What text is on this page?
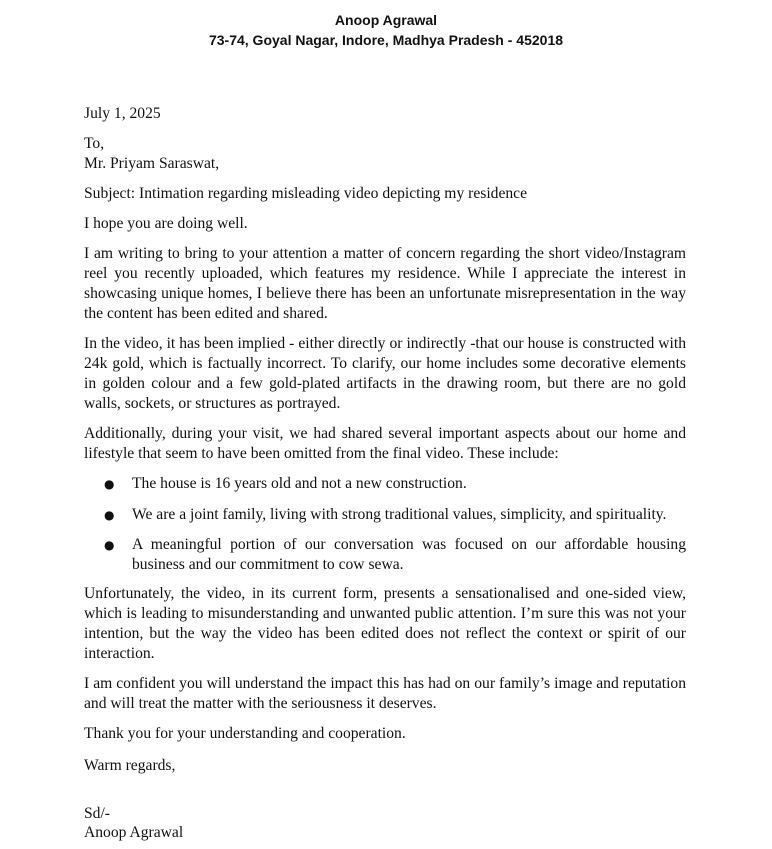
Anoop Agrawal
73-74, Goyal Nagar, Indore, Madhya Pradesh - 452018

July 1, 2025

To,

Mr. Priyam Saraswat,

Subject: Intimation regarding misleading video depicting my residence

I hope you are doing well.

I am writing to bring to your attention a matter of concern regarding the short video/Instagram reel you recently uploaded, which features my residence. While I appreciate the interest in showcasing unique homes, I believe there has been an unfortunate misrepresentation in the way the content has been edited and shared.

In the video, it has been implied - either directly or indirectly -that our house is constructed with 24k gold, which is factually incorrect. To clarify, our home includes some decorative elements in golden colour and a few gold-plated artifacts in the drawing room, but there are no gold walls, sockets, or structures as portrayed.

Additionally, during your visit, we had shared several important aspects about our home and lifestyle that seem to have been omitted from the final video. These include:

●	The house is 16 years old and not a new construction.

●	We are a joint family, living with strong traditional values, simplicity, and spirituality.

●	A meaningful portion of our conversation was focused on our affordable housing business and our commitment to cow sewa.

Unfortunately, the video, in its current form, presents a sensationalised and one-sided view, which is leading to misunderstanding and unwanted public attention. I’m sure this was not your intention, but the way the video has been edited does not reflect the context or spirit of our interaction.

I am confident you will understand the impact this has had on our family’s image and reputation and will treat the matter with the seriousness it deserves.

Thank you for your understanding and cooperation.

Warm regards,

Sd/-

Anoop Agrawal
